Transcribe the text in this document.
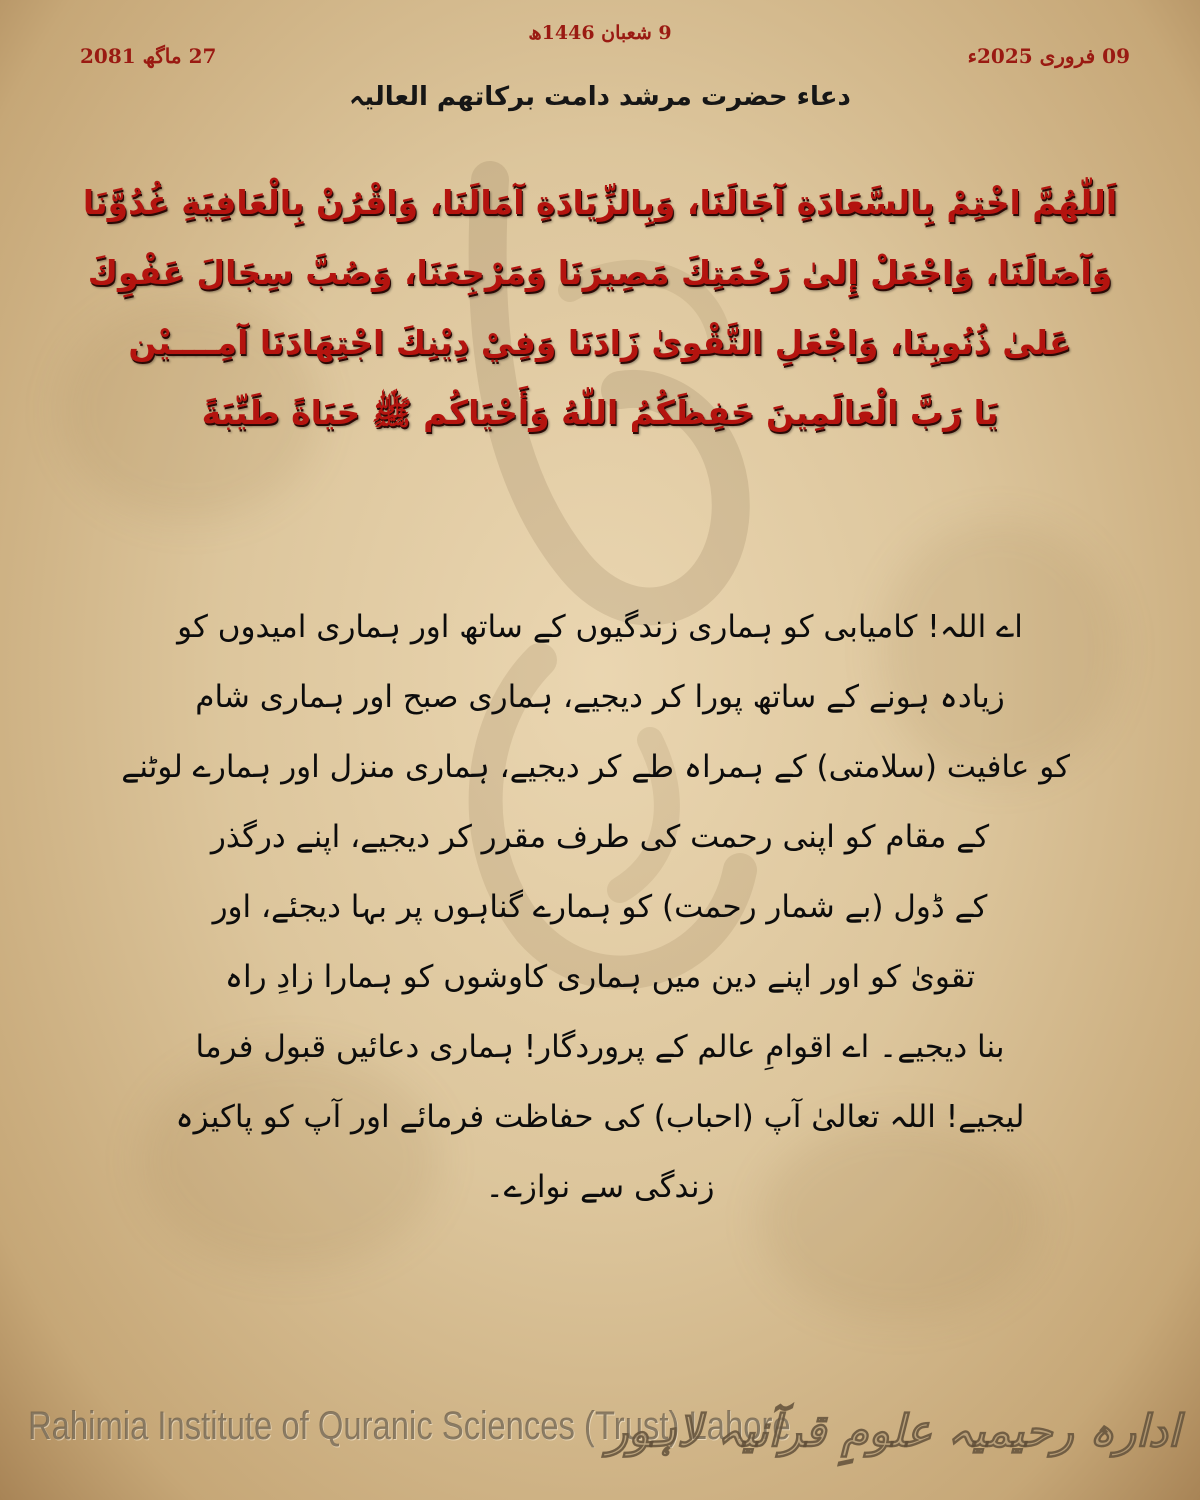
27 ماگھ 2081
9 شعبان 1446ھ
09 فروری 2025ء
دعاء حضرت مرشد دامت برکاتھم العالیہ

اَللّٰهُمَّ اخْتِمْ بِالسَّعَادَةِ آجَالَنَا، وَبِالزِّيَادَةِ آمَالَنَا، وَاقْرُنْ بِالْعَافِيَةِ غُدُوَّنَا
وَآصَالَنَا، وَاجْعَلْ إِلىٰ رَحْمَتِكَ مَصِيرَنَا وَمَرْجِعَنَا، وَصُبَّ سِجَالَ عَفْوِكَ
عَلىٰ ذُنُوبِنَا، وَاجْعَلِ التَّقْوىٰ زَادَنَا وَفِيْ دِيْنِكَ اجْتِهَادَنَا آمِــــيْن
يَا رَبَّ الْعَالَمِينَ حَفِظَكُمُ اللّٰهُ وَأَحْيَاكُم ﷺ حَيَاةً طَيِّبَةً

اے اللہ! کامیابی کو ہماری زندگیوں کے ساتھ اور ہماری امیدوں کو
زیادہ ہونے کے ساتھ پورا کر دیجیے، ہماری صبح اور ہماری شام
کو عافیت (سلامتی) کے ہمراہ طے کر دیجیے، ہماری منزل اور ہمارے لوٹنے
کے مقام کو اپنی رحمت کی طرف مقرر کر دیجیے، اپنے درگذر
کے ڈول (بے شمار رحمت) کو ہمارے گناہوں پر بہا دیجئے، اور
تقویٰ کو اور اپنے دین میں ہماری کاوشوں کو ہمارا زادِ راہ
بنا دیجیے۔ اے اقوامِ عالم کے پروردگار! ہماری دعائیں قبول فرما
لیجیے! اللہ تعالیٰ آپ (احباب) کی حفاظت فرمائے اور آپ کو پاکیزہ
زندگی سے نوازے۔

Rahimia Institute of Quranic Sciences (Trust) Lahore
ادارہ رحیمیہ علومِ قرآنیہ لاہور
